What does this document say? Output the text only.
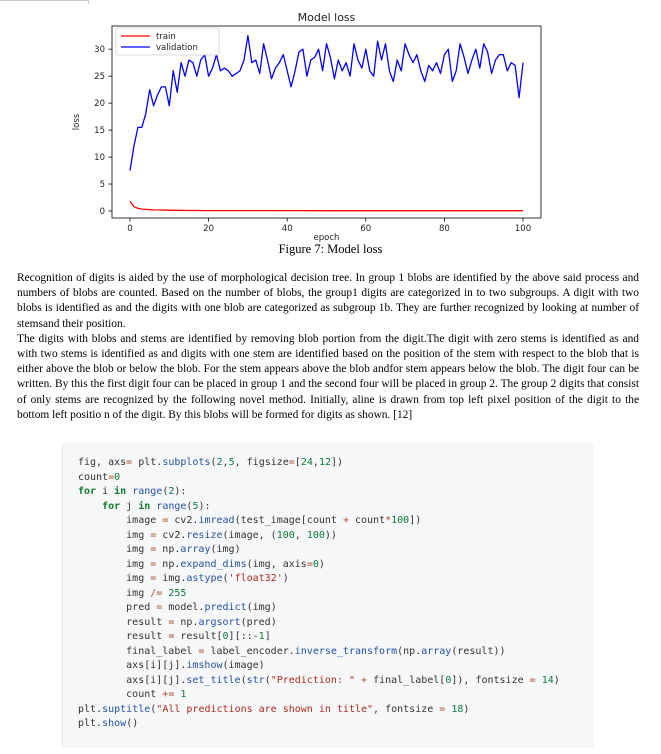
Model loss
0	20	40	60	80	100
0
5
10
15
20
25
30
epoch
loss
train
validation
Figure 7: Model loss

Recognition of digits is aided by the use of morphological decision tree. In group 1 blobs are identified by the above said process and numbers of blobs are counted. Based on the number of blobs, the group1 digits are categorized in to two subgroups. A digit with two blobs is identified as and the digits with one blob are categorized as subgroup 1b. They are further recognized by looking at number of stemsand their position.

The digits with blobs and stems are identified by removing blob portion from the digit.The digit with zero stems is identified as and with two stems is identified as and digits with one stem are identified based on the position of the stem with respect to the blob that is either above the blob or below the blob. For the stem appears above the blob andfor stem appears below the blob. The digit four can be written. By this the first digit four can be placed in group 1 and the second four will be placed in group 2. The group 2 digits that consist of only stems are recognized by the following novel method. Initially, aline is drawn from top left pixel position of the digit to the bottom left positio n of the digit. By this blobs will be formed for digits as shown. [12]

fig, axs= plt.subplots(2,5, figsize=[24,12])
count=0
for i in range(2):
for j in range(5):
image = cv2.imread(test_image[count + count*100])
img = cv2.resize(image, (100, 100))
img = np.array(img)
img = np.expand_dims(img, axis=0)
img = img.astype('float32')
img /= 255
pred = model.predict(img)
result = np.argsort(pred)
result = result[0][::-1]
final_label = label_encoder.inverse_transform(np.array(result))
axs[i][j].imshow(image)
axs[i][j].set_title(str("Prediction: " + final_label[0]), fontsize = 14)
count += 1
plt.suptitle("All predictions are shown in title", fontsize = 18)
plt.show()
